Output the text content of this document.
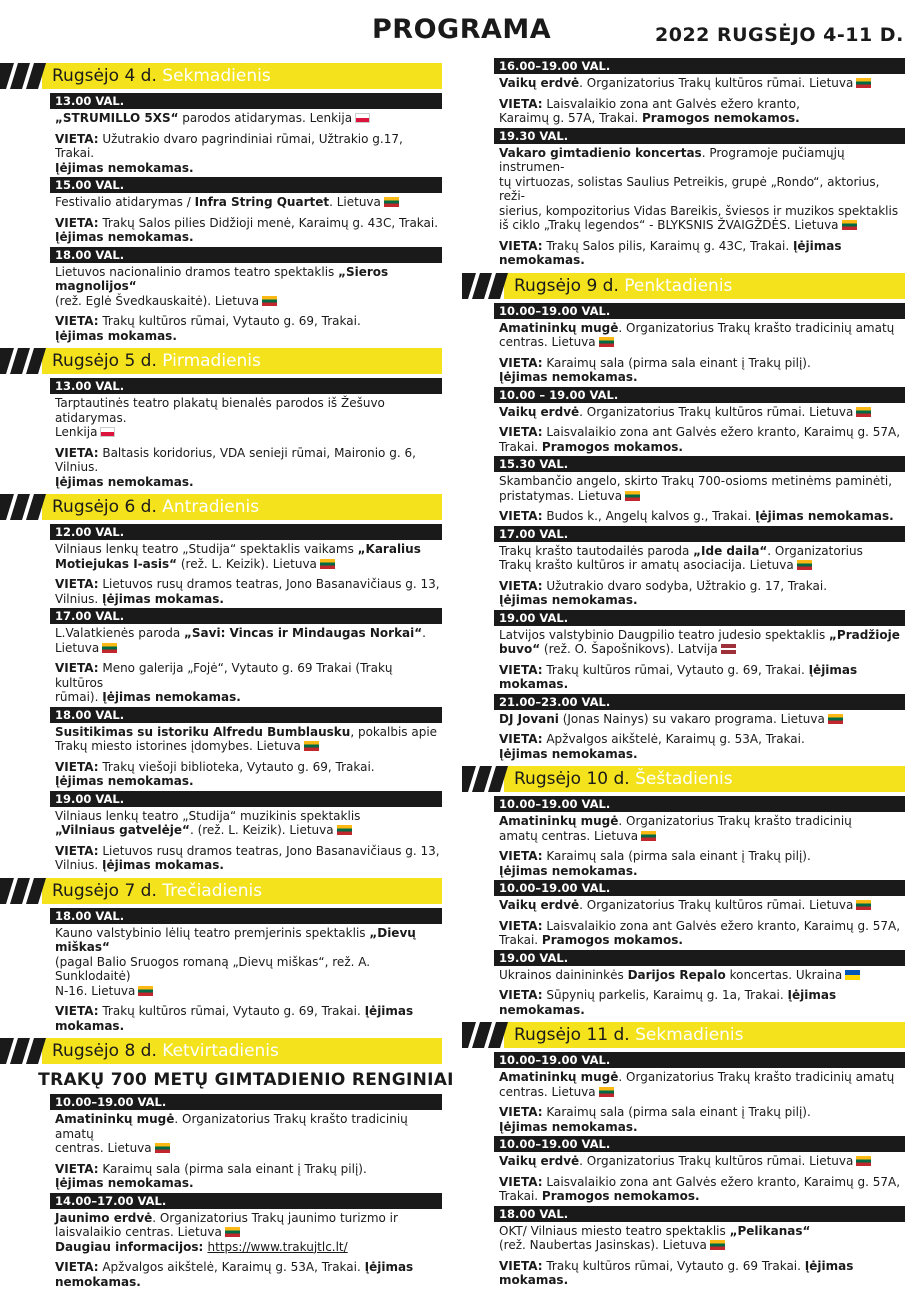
PROGRAMA	2022 RUGSĖJO 4-11 D.
Rugsėjo 4 d. Sekmadienis
13.00 VAL.
„STRUMILLO 5XS“ parodos atidarymas. Lenkija
VIETA: Užutrakio dvaro pagrindiniai rūmai, Užtrakio g.17, Trakai.
Įėjimas nemokamas.
15.00 VAL.
Festivalio atidarymas / Infra String Quartet. Lietuva
VIETA: Trakų Salos pilies Didžioji menė, Karaimų g. 43C, Trakai.
Įėjimas nemokamas.
18.00 VAL.
Lietuvos nacionalinio dramos teatro spektaklis „Sieros magnolijos“
(rež. Eglė Švedkauskaitė). Lietuva
VIETA: Trakų kultūros rūmai, Vytauto g. 69, Trakai.
Įėjimas mokamas.
Rugsėjo 5 d. Pirmadienis
13.00 VAL.
Tarptautinės teatro plakatų bienalės parodos iš Žešuvo atidarymas.
Lenkija
VIETA: Baltasis koridorius, VDA senieji rūmai, Maironio g. 6, Vilnius.
Įėjimas nemokamas.
Rugsėjo 6 d. Antradienis
12.00 VAL.
Vilniaus lenkų teatro „Studija“ spektaklis vaikams „Karalius
Motiejukas I-asis“ (rež. L. Keizik). Lietuva
VIETA: Lietuvos rusų dramos teatras, Jono Basanavičiaus g. 13,
Vilnius. Įėjimas mokamas.
17.00 VAL.
L.Valatkienės paroda „Savi: Vincas ir Mindaugas Norkai“.
Lietuva
VIETA: Meno galerija „Fojė“, Vytauto g. 69 Trakai (Trakų kultūros
rūmai). Įėjimas nemokamas.
18.00 VAL.
Susitikimas su istoriku Alfredu Bumblausku, pokalbis apie
Trakų miesto istorines įdomybes. Lietuva
VIETA: Trakų viešoji biblioteka, Vytauto g. 69, Trakai.
Įėjimas nemokamas.
19.00 VAL.
Vilniaus lenkų teatro „Studija“ muzikinis spektaklis
„Vilniaus gatvelėje“. (rež. L. Keizik). Lietuva
VIETA: Lietuvos rusų dramos teatras, Jono Basanavičiaus g. 13,
Vilnius. Įėjimas mokamas.
Rugsėjo 7 d. Trečiadienis
18.00 VAL.
Kauno valstybinio lėlių teatro premjerinis spektaklis „Dievų miškas“
(pagal Balio Sruogos romaną „Dievų miškas“, rež. A. Sunklodaitė)
N-16. Lietuva
VIETA: Trakų kultūros rūmai, Vytauto g. 69, Trakai. Įėjimas mokamas.
Rugsėjo 8 d. Ketvirtadienis
TRAKŲ 700 METŲ GIMTADIENIO RENGINIAI
10.00–19.00 VAL.
Amatininkų mugė. Organizatorius Trakų krašto tradicinių amatų
centras. Lietuva
VIETA: Karaimų sala (pirma sala einant į Trakų pilį).
Įėjimas nemokamas.
14.00–17.00 VAL.
Jaunimo erdvė. Organizatorius Trakų jaunimo turizmo ir
laisvalaikio centras. Lietuva
Daugiau informacijos: https://www.trakujtlc.lt/
VIETA: Apžvalgos aikštelė, Karaimų g. 53A, Trakai. Įėjimas nemokamas.
16.00–19.00 VAL.
Vaikų erdvė. Organizatorius Trakų kultūros rūmai. Lietuva
VIETA: Laisvalaikio zona ant Galvės ežero kranto,
Karaimų g. 57A, Trakai. Pramogos nemokamos.
19.30 VAL.
Vakaro gimtadienio koncertas. Programoje pučiamųjų instrumen-
tų virtuozas, solistas Saulius Petreikis, grupė „Rondo“, aktorius, reži-
sierius, kompozitorius Vidas Bareikis, šviesos ir muzikos spektaklis
iš ciklo „Trakų legendos“ - BLYKSNIS ŽVAIGŽDĖS. Lietuva
VIETA: Trakų Salos pilis, Karaimų g. 43C, Trakai. Įėjimas nemokamas.
Rugsėjo 9 d. Penktadienis
10.00–19.00 VAL.
Amatininkų mugė. Organizatorius Trakų krašto tradicinių amatų
centras. Lietuva
VIETA: Karaimų sala (pirma sala einant į Trakų pilį).
Įėjimas nemokamas.
10.00 – 19.00 VAL.
Vaikų erdvė. Organizatorius Trakų kultūros rūmai. Lietuva
VIETA: Laisvalaikio zona ant Galvės ežero kranto, Karaimų g. 57A,
Trakai. Pramogos mokamos.
15.30 VAL.
Skambančio angelo, skirto Trakų 700-osioms metinėms paminėti,
pristatymas. Lietuva
VIETA: Budos k., Angelų kalvos g., Trakai. Įėjimas nemokamas.
17.00 VAL.
Trakų krašto tautodailės paroda „Ide daila“. Organizatorius
Trakų krašto kultūros ir amatų asociacija. Lietuva
VIETA: Užutrakio dvaro sodyba, Užtrakio g. 17, Trakai.
Įėjimas nemokamas.
19.00 VAL.
Latvijos valstybinio Daugpilio teatro judesio spektaklis „Pradžioje
buvo“ (rež. O. Šapošnikovs). Latvija
VIETA: Trakų kultūros rūmai, Vytauto g. 69, Trakai. Įėjimas mokamas.
21.00–23.00 VAL.
DJ Jovani (Jonas Nainys) su vakaro programa. Lietuva
VIETA: Apžvalgos aikštelė, Karaimų g. 53A, Trakai.
Įėjimas nemokamas.
Rugsėjo 10 d. Šeštadienis
10.00–19.00 VAL.
Amatininkų mugė. Organizatorius Trakų krašto tradicinių
amatų centras. Lietuva
VIETA: Karaimų sala (pirma sala einant į Trakų pilį).
Įėjimas nemokamas.
10.00–19.00 VAL.
Vaikų erdvė. Organizatorius Trakų kultūros rūmai. Lietuva
VIETA: Laisvalaikio zona ant Galvės ežero kranto, Karaimų g. 57A,
Trakai. Pramogos mokamos.
19.00 VAL.
Ukrainos dainininkės Darijos Repalo koncertas. Ukraina
VIETA: Sūpynių parkelis, Karaimų g. 1a, Trakai. Įėjimas nemokamas.
Rugsėjo 11 d. Sekmadienis
10.00–19.00 VAL.
Amatininkų mugė. Organizatorius Trakų krašto tradicinių amatų
centras. Lietuva
VIETA: Karaimų sala (pirma sala einant į Trakų pilį).
Įėjimas nemokamas.
10.00–19.00 VAL.
Vaikų erdvė. Organizatorius Trakų kultūros rūmai. Lietuva
VIETA: Laisvalaikio zona ant Galvės ežero kranto, Karaimų g. 57A,
Trakai. Pramogos nemokamos.
18.00 VAL.
OKT/ Vilniaus miesto teatro spektaklis „Pelikanas“
(rež. Naubertas Jasinskas). Lietuva
VIETA: Trakų kultūros rūmai, Vytauto g. 69 Trakai. Įėjimas mokamas.
